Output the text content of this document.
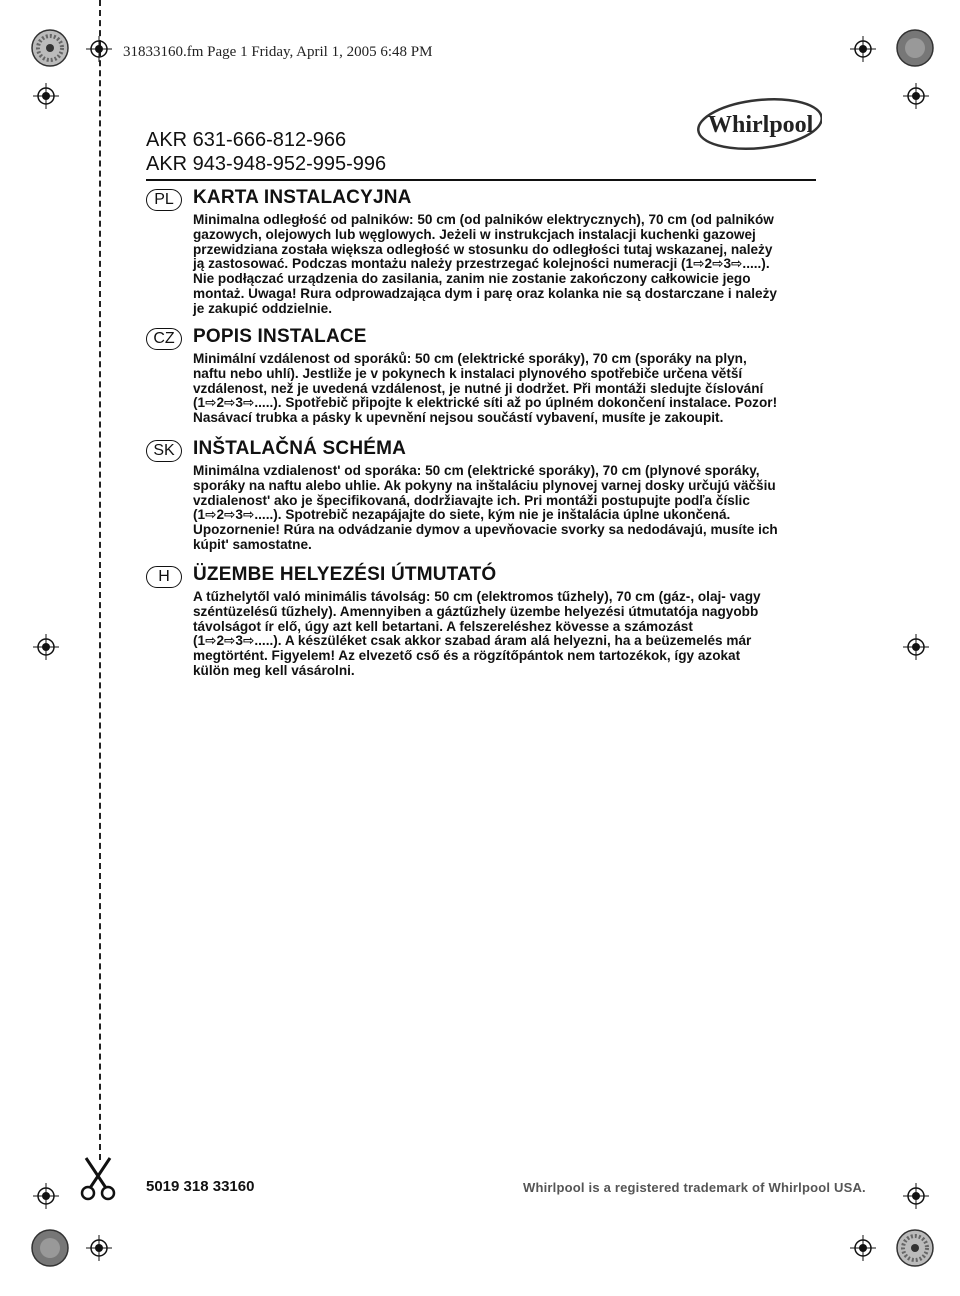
31833160.fm Page 1 Friday, April 1, 2005 6:48 PM
AKR 631-666-812-966
AKR 943-948-952-995-996
Whirlpool
PL	KARTA INSTALACYJNA
Minimalna odległość od palników: 50 cm (od palników elektrycznych), 70 cm (od palników gazowych, olejowych lub węglowych. Jeżeli w instrukcjach instalacji kuchenki gazowej przewidziana została większa odległość w stosunku do odległości tutaj wskazanej, należy ją zastosować. Podczas montażu należy przestrzegać kolejności numeracji (1⇨2⇨3⇨.....). Nie podłączać urządzenia do zasilania, zanim nie zostanie zakończony całkowicie jego montaż. Uwaga! Rura odprowadzająca dym i parę oraz kolanka nie są dostarczane i należy je zakupić oddzielnie.
CZ POPIS INSTALACE
Minimální vzdálenost od sporáků: 50 cm (elektrické sporáky), 70 cm (sporáky na plyn, naftu nebo uhlí). Jestliže je v pokynech k instalaci plynového spotřebiče určena větší vzdálenost, než je uvedená vzdálenost, je nutné ji dodržet. Při montáži sledujte číslování (1⇨2⇨3⇨.....). Spotřebič připojte k elektrické síti až po úplném dokončení instalace. Pozor! Nasávací trubka a pásky k upevnění nejsou součástí vybavení, musíte je zakoupit.
SK INŠTALAČNÁ SCHÉMA
Minimálna vzdialenost' od sporáka: 50 cm (elektrické sporáky), 70 cm (plynové sporáky, sporáky na naftu alebo uhlie. Ak pokyny na inštaláciu plynovej varnej dosky určujú väčšiu vzdialenost' ako je špecifikovaná, dodržiavajte ich. Pri montáži postupujte podľa číslic (1⇨2⇨3⇨.....). Spotrebič nezapájajte do siete, kým nie je inštalácia úplne ukončená. Upozornenie! Rúra na odvádzanie dymov a upevňovacie svorky sa nedodávajú, musíte ich kúpit' samostatne.
H	ÜZEMBE HELYEZÉSI ÚTMUTATÓ
A tűzhelytől való minimális távolság: 50 cm (elektromos tűzhely), 70 cm (gáz-, olaj- vagy széntüzelésű tűzhely). Amennyiben a gáztűzhely üzembe helyezési útmutatója nagyobb távolságot ír elő, úgy azt kell betartani. A felszereléshez kövesse a számozást (1⇨2⇨3⇨.....). A készüléket csak akkor szabad áram alá helyezni, ha a beüzemelés már megtörtént. Figyelem! Az elvezető cső és a rögzítőpántok nem tartozékok, így azokat külön meg kell vásárolni.
5019 318 33160	Whirlpool is a registered trademark of Whirlpool USA.
